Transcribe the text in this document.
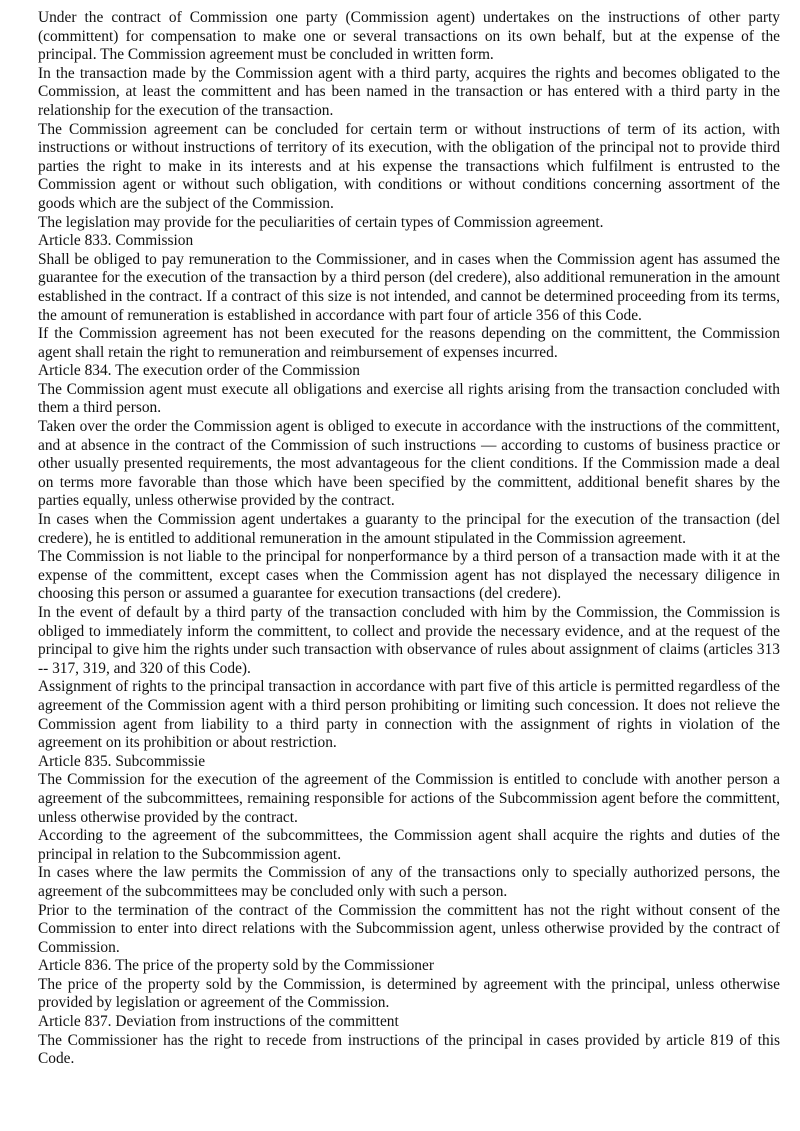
Under the contract of Commission one party (Commission agent) undertakes on the instructions of other party (committent) for compensation to make one or several transactions on its own behalf, but at the expense of the principal. The Commission agreement must be concluded in written form.

In the transaction made by the Commission agent with a third party, acquires the rights and becomes obligated to the Commission, at least the committent and has been named in the transaction or has entered with a third party in the relationship for the execution of the transaction.

The Commission agreement can be concluded for certain term or without instructions of term of its action, with instructions or without instructions of territory of its execution, with the obligation of the principal not to provide third parties the right to make in its interests and at his expense the transactions which fulfilment is entrusted to the Commission agent or without such obligation, with conditions or without conditions concerning assortment of the goods which are the subject of the Commission.

The legislation may provide for the peculiarities of certain types of Commission agreement.

Article 833. Commission

Shall be obliged to pay remuneration to the Commissioner, and in cases when the Commission agent has assumed the guarantee for the execution of the transaction by a third person (del credere), also additional remuneration in the amount established in the contract. If a contract of this size is not intended, and cannot be determined proceeding from its terms, the amount of remuneration is established in accordance with part four of article 356 of this Code.

If the Commission agreement has not been executed for the reasons depending on the committent, the Commission agent shall retain the right to remuneration and reimbursement of expenses incurred.

Article 834. The execution order of the Commission

The Commission agent must execute all obligations and exercise all rights arising from the transaction concluded with them a third person.

Taken over the order the Commission agent is obliged to execute in accordance with the instructions of the committent, and at absence in the contract of the Commission of such instructions — according to customs of business practice or other usually presented requirements, the most advantageous for the client conditions. If the Commission made a deal on terms more favorable than those which have been specified by the committent, additional benefit shares by the parties equally, unless otherwise provided by the contract.

In cases when the Commission agent undertakes a guaranty to the principal for the execution of the transaction (del credere), he is entitled to additional remuneration in the amount stipulated in the Commission agreement.

The Commission is not liable to the principal for nonperformance by a third person of a transaction made with it at the expense of the committent, except cases when the Commission agent has not displayed the necessary diligence in choosing this person or assumed a guarantee for execution transactions (del credere).

In the event of default by a third party of the transaction concluded with him by the Commission, the Commission is obliged to immediately inform the committent, to collect and provide the necessary evidence, and at the request of the principal to give him the rights under such transaction with observance of rules about assignment of claims (articles 313 -- 317, 319, and 320 of this Code).

Assignment of rights to the principal transaction in accordance with part five of this article is permitted regardless of the agreement of the Commission agent with a third person prohibiting or limiting such concession. It does not relieve the Commission agent from liability to a third party in connection with the assignment of rights in violation of the agreement on its prohibition or about restriction.

Article 835. Subcommissie

The Commission for the execution of the agreement of the Commission is entitled to conclude with another person a agreement of the subcommittees, remaining responsible for actions of the Subcommission agent before the committent, unless otherwise provided by the contract.

According to the agreement of the subcommittees, the Commission agent shall acquire the rights and duties of the principal in relation to the Subcommission agent.

In cases where the law permits the Commission of any of the transactions only to specially authorized persons, the agreement of the subcommittees may be concluded only with such a person.

Prior to the termination of the contract of the Commission the committent has not the right without consent of the Commission to enter into direct relations with the Subcommission agent, unless otherwise provided by the contract of Commission.

Article 836. The price of the property sold by the Commissioner

The price of the property sold by the Commission, is determined by agreement with the principal, unless otherwise provided by legislation or agreement of the Commission.

Article 837. Deviation from instructions of the committent

The Commissioner has the right to recede from instructions of the principal in cases provided by article 819 of this Code.
